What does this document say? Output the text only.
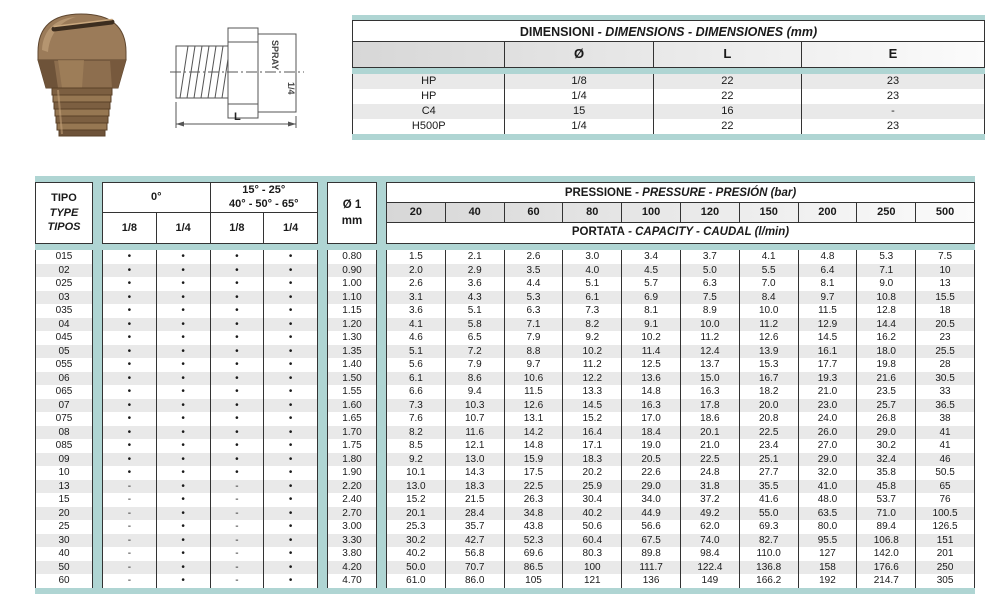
L
SPRAY
1/4
DIMENSIONI - DIMENSIONS - DIMENSIONES (mm)
Ø	L	E
HP	1/8	22	23
HP	1/4	22	23
C4	15	16	-
H500P	1/4	22	23
TIPO
TYPE
TIPOS
0°
15° - 25°
40° - 50° - 65°
1/8	1/4	1/8	1/4
Ø 1
mm
PRESSIONE - PRESSURE - PRESIÓN (bar)
20	40	60	80	100	120	150	200	250	500
PORTATA - CAPACITY - CAUDAL (l/min)
015	•	•	•	•	0.80	1.5	2.1	2.6	3.0	3.4	3.7	4.1	4.8	5.3	7.5
02	•	•	•	•	0.90	2.0	2.9	3.5	4.0	4.5	5.0	5.5	6.4	7.1	10
025	•	•	•	•	1.00	2.6	3.6	4.4	5.1	5.7	6.3	7.0	8.1	9.0	13
03	•	•	•	•	1.10	3.1	4.3	5.3	6.1	6.9	7.5	8.4	9.7	10.8	15.5
035	•	•	•	•	1.15	3.6	5.1	6.3	7.3	8.1	8.9	10.0	11.5	12.8	18
04	•	•	•	•	1.20	4.1	5.8	7.1	8.2	9.1	10.0	11.2	12.9	14.4	20.5
045	•	•	•	•	1.30	4.6	6.5	7.9	9.2	10.2	11.2	12.6	14.5	16.2	23
05	•	•	•	•	1.35	5.1	7.2	8.8	10.2	11.4	12.4	13.9	16.1	18.0	25.5
055	•	•	•	•	1.40	5.6	7.9	9.7	11.2	12.5	13.7	15.3	17.7	19.8	28
06	•	•	•	•	1.50	6.1	8.6	10.6	12.2	13.6	15.0	16.7	19.3	21.6	30.5
065	•	•	•	•	1.55	6.6	9.4	11.5	13.3	14.8	16.3	18.2	21.0	23.5	33
07	•	•	•	•	1.60	7.3	10.3	12.6	14.5	16.3	17.8	20.0	23.0	25.7	36.5
075	•	•	•	•	1.65	7.6	10.7	13.1	15.2	17.0	18.6	20.8	24.0	26.8	38
08	•	•	•	•	1.70	8.2	11.6	14.2	16.4	18.4	20.1	22.5	26.0	29.0	41
085	•	•	•	•	1.75	8.5	12.1	14.8	17.1	19.0	21.0	23.4	27.0	30.2	41
09	•	•	•	•	1.80	9.2	13.0	15.9	18.3	20.5	22.5	25.1	29.0	32.4	46
10	•	•	•	•	1.90	10.1	14.3	17.5	20.2	22.6	24.8	27.7	32.0	35.8	50.5
13	-	•	-	•	2.20	13.0	18.3	22.5	25.9	29.0	31.8	35.5	41.0	45.8	65
15	-	•	-	•	2.40	15.2	21.5	26.3	30.4	34.0	37.2	41.6	48.0	53.7	76
20	-	•	-	•	2.70	20.1	28.4	34.8	40.2	44.9	49.2	55.0	63.5	71.0	100.5
25	-	•	-	•	3.00	25.3	35.7	43.8	50.6	56.6	62.0	69.3	80.0	89.4	126.5
30	-	•	-	•	3.30	30.2	42.7	52.3	60.4	67.5	74.0	82.7	95.5	106.8	151
40	-	•	-	•	3.80	40.2	56.8	69.6	80.3	89.8	98.4	110.0	127	142.0	201
50	-	•	-	•	4.20	50.0	70.7	86.5	100	111.7	122.4	136.8	158	176.6	250
60	-	•	-	•	4.70	61.0	86.0	105	121	136	149	166.2	192	214.7	305
